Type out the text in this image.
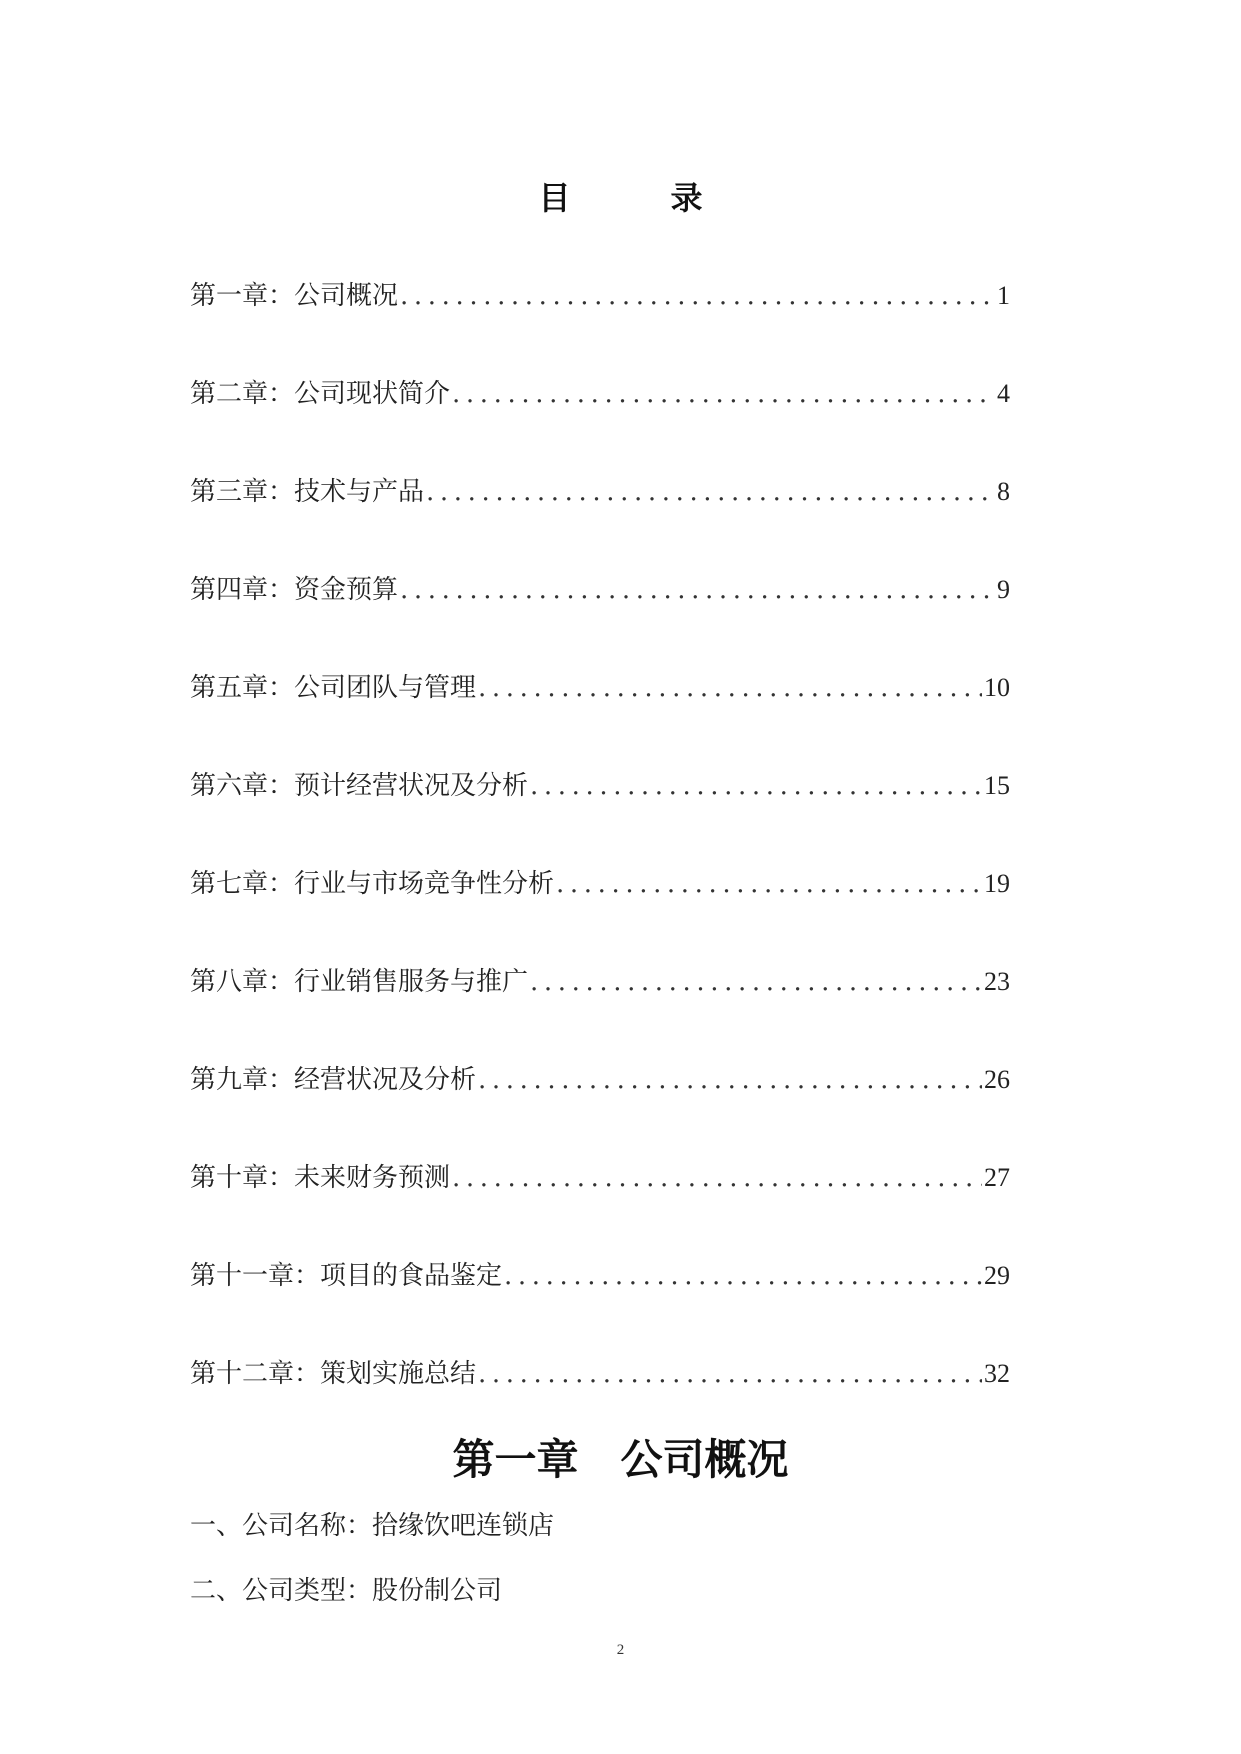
目　录
第一章：公司概况 .....	1
第二章：公司现状简介 .....	4
第三章：技术与产品 .....	8
第四章：资金预算 .....	9
第五章：公司团队与管理 .....	10
第六章：预计经营状况及分析 .....	15
第七章：行业与市场竞争性分析 .....	19
第八章：行业销售服务与推广 .....	23
第九章：经营状况及分析 .....	26
第十章：未来财务预测 .....	27
第十一章：项目的食品鉴定 .....	29
第十二章：策划实施总结 .....	32
第一章　公司概况
一、公司名称：拾缘饮吧连锁店
二、公司类型：股份制公司
2
